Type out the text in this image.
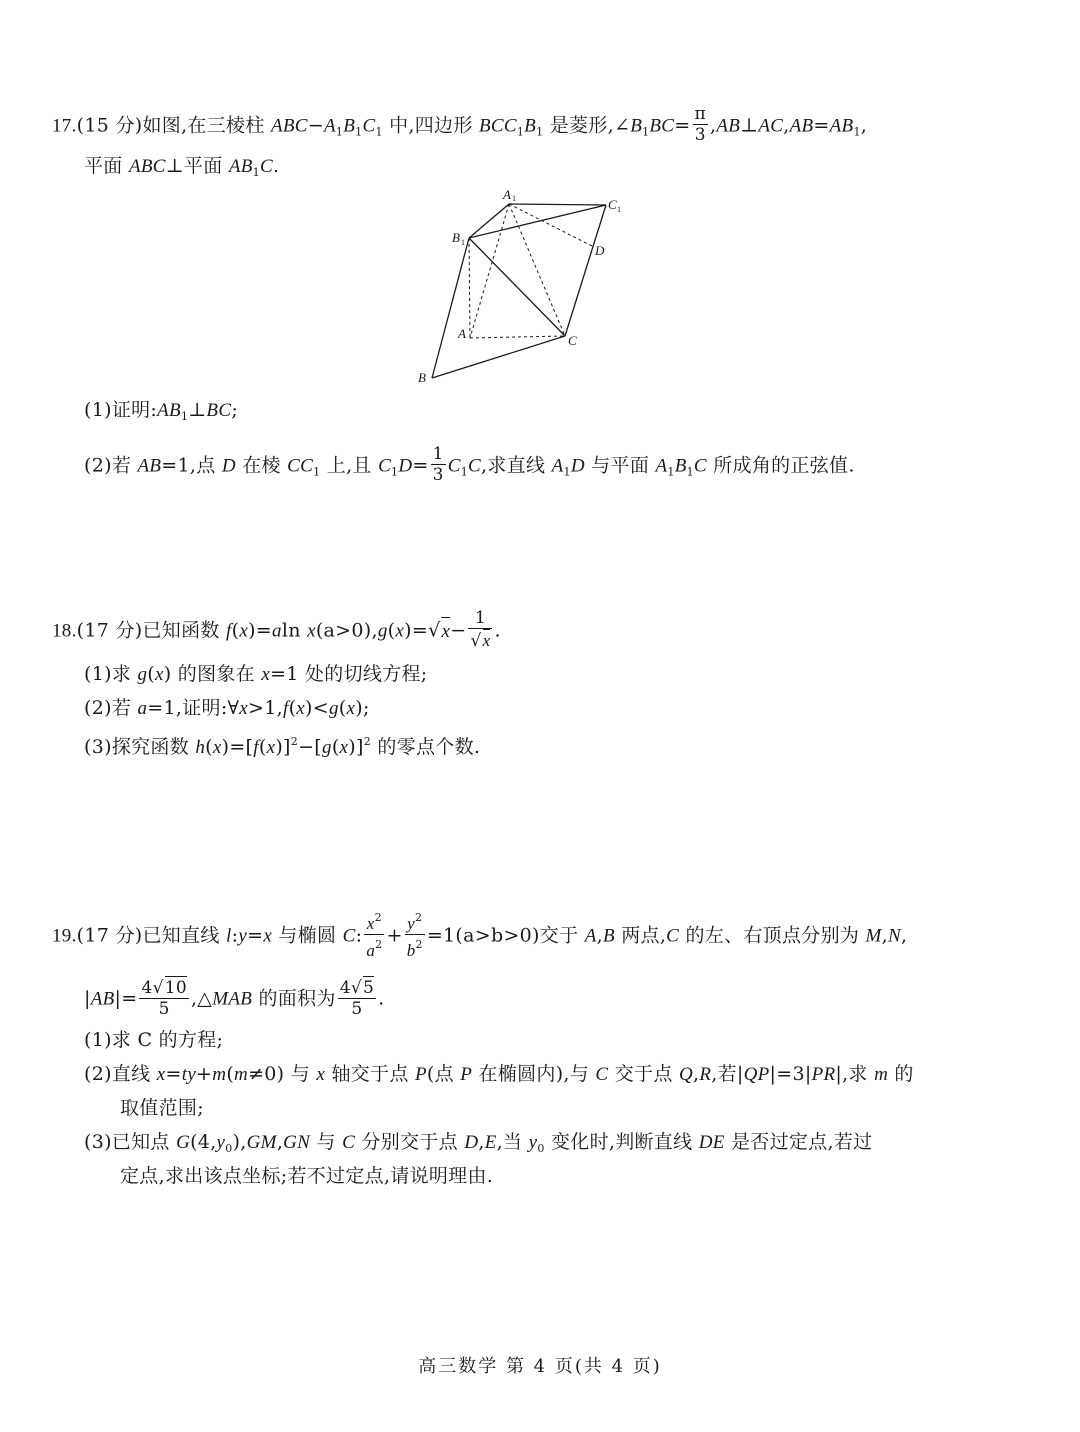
17.(15 分)如图,在三棱柱 $ABC-A_1B_1C_1$ 中,四边形 $BCC_1B_1$ 是菱形$,\angle B_1BC= \frac{\pi}{3}$ $,AB\perp AC,AB=AB_1$,
平面 ABC⊥平面 $AB_1C$.
A 1	C 1
B 1
D
A	C
B
(1)证明$:AB_1\perp BC$;
(2)若 AB=1,点 D 在棱 $CC_1$ 上,且 $C_1D= \frac{1}{3} C_1C$,求直线 $A_1D$ 与平面 $A_1B_1C$ 所成角的正弦值.
18.(17 分)已知函数 f(x)=aln $x(a>0),g(x)=√x- \frac{1}{√x}$ .
(1)求 g(x) 的图象在 x=1 处的切线方程;
(2)若 a=1,证明:∀x>1,f(x)<g(x);
(3)探究函数 $h(x)=[f(x)]^2-[g(x)]^2$ 的零点个数.
19.(17 分)已知直线 l:y=x 与椭圆 C: $\frac{x^2}{a^2} + \frac{y^2}{b^2} =1(a>b>0)$交于 A,B 两点,C 的左、右顶点分别为 M,N,
$|AB|= \frac{4√10}{5}$ ,△MAB 的面积为 $\frac{4√5}{5}$ .
(1)求 C 的方程;
(2)直线 x=ty+m(m≠0) 与 x 轴交于点 P(点 P 在椭圆内),与 C 交于点 Q,R,若|QP|=3|PR|,求 m 的
取值范围;
(3)已知点 $G(4,y_0),GM,GN$ 与 C 分别交于点 D,E,当 $y_0$ 变化时,判断直线 DE 是否过定点,若过
定点,求出该点坐标;若不过定点,请说明理由.
高三数学 第 4 页(共 4 页)
